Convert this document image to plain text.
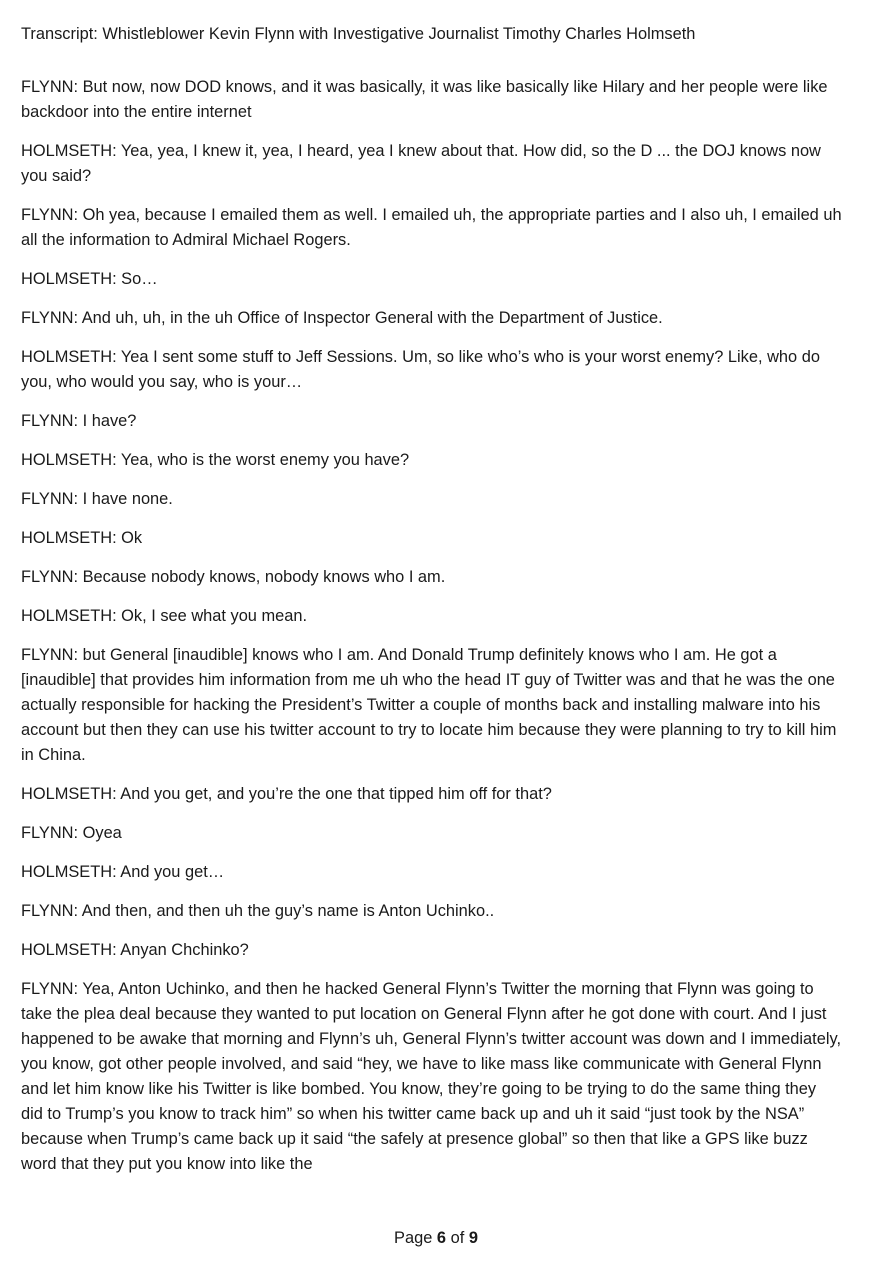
Transcript: Whistleblower Kevin Flynn with Investigative Journalist Timothy Charles Holmseth

FLYNN: But now, now DOD knows, and it was basically, it was like basically like Hilary and her people were like backdoor into the entire internet

HOLMSETH: Yea, yea, I knew it, yea, I heard, yea I knew about that. How did, so the D ... the DOJ knows now you said?

FLYNN: Oh yea, because I emailed them as well. I emailed uh, the appropriate parties and I also uh, I emailed uh all the information to Admiral Michael Rogers.

HOLMSETH: So…

FLYNN: And uh, uh, in the uh Office of Inspector General with the Department of Justice.

HOLMSETH: Yea I sent some stuff to Jeff Sessions. Um, so like who’s who is your worst enemy? Like, who do you, who would you say, who is your…

FLYNN: I have?

HOLMSETH: Yea, who is the worst enemy you have?

FLYNN: I have none.

HOLMSETH: Ok

FLYNN: Because nobody knows, nobody knows who I am.

HOLMSETH: Ok, I see what you mean.

FLYNN: but General [inaudible] knows who I am. And Donald Trump definitely knows who I am. He got a [inaudible] that provides him information from me uh who the head IT guy of Twitter was and that he was the one actually responsible for hacking the President’s Twitter a couple of months back and installing malware into his account but then they can use his twitter account to try to locate him because they were planning to try to kill him in China.

HOLMSETH: And you get, and you’re the one that tipped him off for that?

FLYNN: Oyea

HOLMSETH: And you get…

FLYNN: And then, and then uh the guy’s name is Anton Uchinko..

HOLMSETH: Anyan Chchinko?

FLYNN: Yea, Anton Uchinko, and then he hacked General Flynn’s Twitter the morning that Flynn was going to take the plea deal because they wanted to put location on General Flynn after he got done with court. And I just happened to be awake that morning and Flynn’s uh, General Flynn’s twitter account was down and I immediately, you know, got other people involved, and said “hey, we have to like mass like communicate with General Flynn and let him know like his Twitter is like bombed. You know, they’re going to be trying to do the same thing they did to Trump’s you know to track him” so when his twitter came back up and uh it said “just took by the NSA” because when Trump’s came back up it said “the safely at presence global” so then that like a GPS like buzz word that they put you know into like the

Page 6 of 9
